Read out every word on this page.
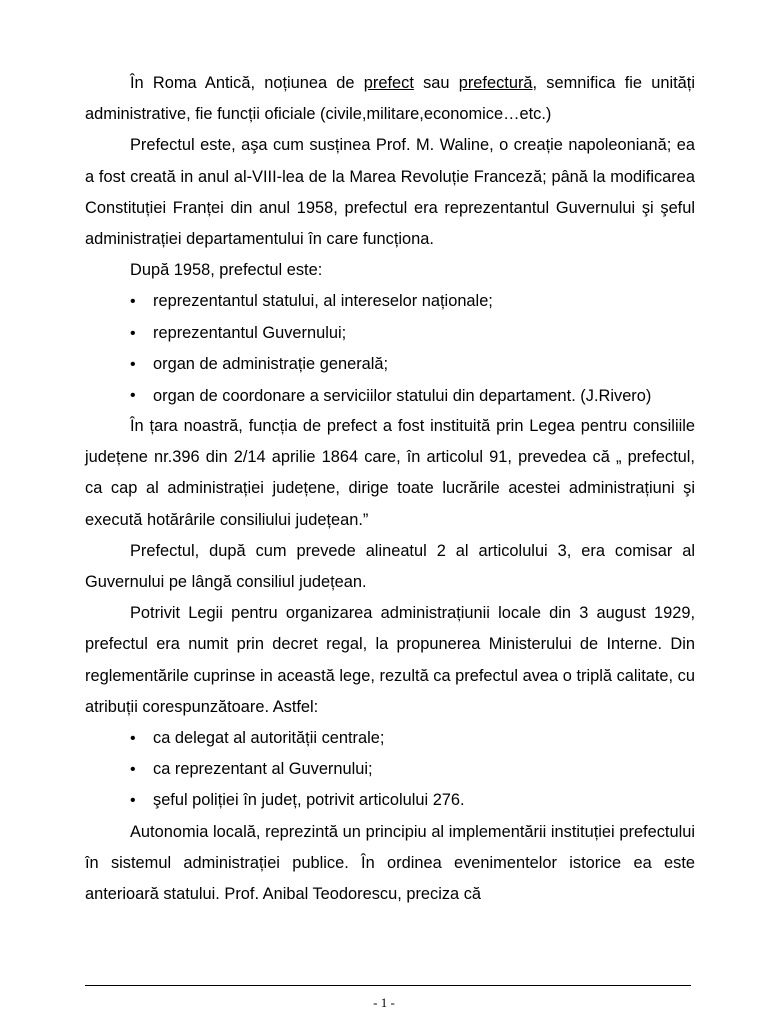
În Roma Antică, noțiunea de prefect sau prefectură, semnifica fie unități administrative, fie funcții oficiale (civile,militare,economice…etc.)

Prefectul este, aşa cum susținea Prof. M. Waline, o creație napoleoniană; ea a fost creată in anul al-VIII-lea de la Marea Revoluție Franceză; până la modificarea Constituției Franței din anul 1958, prefectul era reprezentantul Guvernului şi şeful administrației departamentului în care funcționa.

După 1958, prefectul este:

• reprezentantul statului, al intereselor naționale;
• reprezentantul Guvernului;
• organ de administrație generală;
• organ de coordonare a serviciilor statului din departament. (J.Rivero)

În țara noastră, funcția de prefect a fost instituită prin Legea pentru consiliile județene nr.396 din 2/14 aprilie 1864 care, în articolul 91, prevedea că „ prefectul, ca cap al administrației județene, dirige toate lucrările acestei administrațiuni şi execută hotărârile consiliului județean.”

Prefectul, după cum prevede alineatul 2 al articolului 3, era comisar al Guvernului pe lângă consiliul județean.

Potrivit Legii pentru organizarea administrațiunii locale din 3 august 1929, prefectul era numit prin decret regal, la propunerea Ministerului de Interne. Din reglementările cuprinse in această lege, rezultă ca prefectul avea o triplă calitate, cu atribuții corespunzătoare. Astfel:

• ca delegat al autorității centrale;
• ca reprezentant al Guvernului;
• şeful poliției în județ, potrivit articolului 276.

Autonomia locală, reprezintă un principiu al implementării instituției prefectului în sistemul administrației publice. În ordinea evenimentelor istorice ea este anterioară statului. Prof. Anibal Teodorescu, preciza că

- 1 -
